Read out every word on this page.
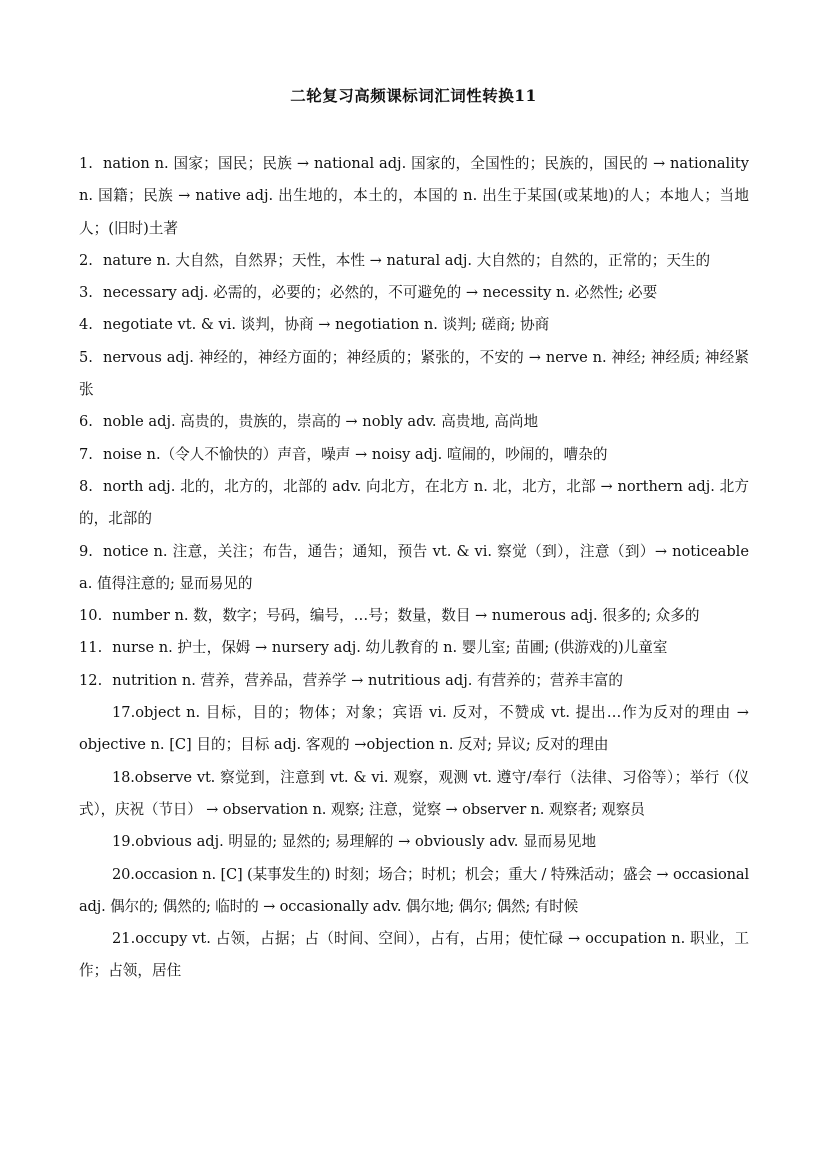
二轮复习高频课标词汇词性转换11

1. nation n. 国家；国民；民族 → national adj. 国家的，全国性的；民族的，国民的 → nationality n. 国籍；民族 → native adj. 出生地的，本土的，本国的 n. 出生于某国(或某地)的人；本地人；当地人；(旧时)土著

2. nature n. 大自然，自然界；天性，本性 → natural adj. 大自然的；自然的，正常的；天生的

3. necessary adj. 必需的，必要的；必然的，不可避免的 → necessity n. 必然性; 必要

4. negotiate vt. & vi. 谈判，协商 → negotiation n. 谈判; 磋商; 协商

5. nervous adj. 神经的，神经方面的；神经质的；紧张的，不安的 → nerve n. 神经; 神经质; 神经紧张

6. noble adj. 高贵的，贵族的，崇高的 → nobly adv. 高贵地, 高尚地

7. noise n.（令人不愉快的）声音，噪声 → noisy adj. 喧闹的，吵闹的，嘈杂的

8. north adj. 北的，北方的，北部的 adv. 向北方，在北方 n. 北，北方，北部 → northern adj. 北方的，北部的

9. notice n. 注意，关注；布告，通告；通知，预告 vt. & vi. 察觉（到），注意（到）→ noticeable a. 值得注意的; 显而易见的

10. number n. 数，数字；号码，编号，…号；数量，数目 → numerous adj. 很多的; 众多的

11. nurse n. 护士，保姆 → nursery adj. 幼儿教育的 n. 婴儿室; 苗圃; (供游戏的)儿童室

12. nutrition n. 营养，营养品，营养学 → nutritious adj. 有营养的；营养丰富的

17.object n. 目标，目的；物体；对象；宾语 vi. 反对，不赞成 vt. 提出…作为反对的理由 → objective n. [C] 目的；目标 adj. 客观的 →objection n. 反对; 异议; 反对的理由

18.observe vt. 察觉到，注意到 vt. & vi. 观察，观测 vt. 遵守/奉行（法律、习俗等）；举行（仪式），庆祝（节日） → observation n. 观察; 注意，觉察 → observer n. 观察者; 观察员

19.obvious adj. 明显的; 显然的; 易理解的 → obviously adv. 显而易见地

20.occasion n. [C] (某事发生的) 时刻；场合；时机；机会；重大 / 特殊活动；盛会 → occasional adj. 偶尔的; 偶然的; 临时的 → occasionally adv. 偶尔地; 偶尔; 偶然; 有时候

21.occupy vt. 占领，占据；占（时间、空间），占有，占用；使忙碌 → occupation n. 职业，工作；占领，居住
